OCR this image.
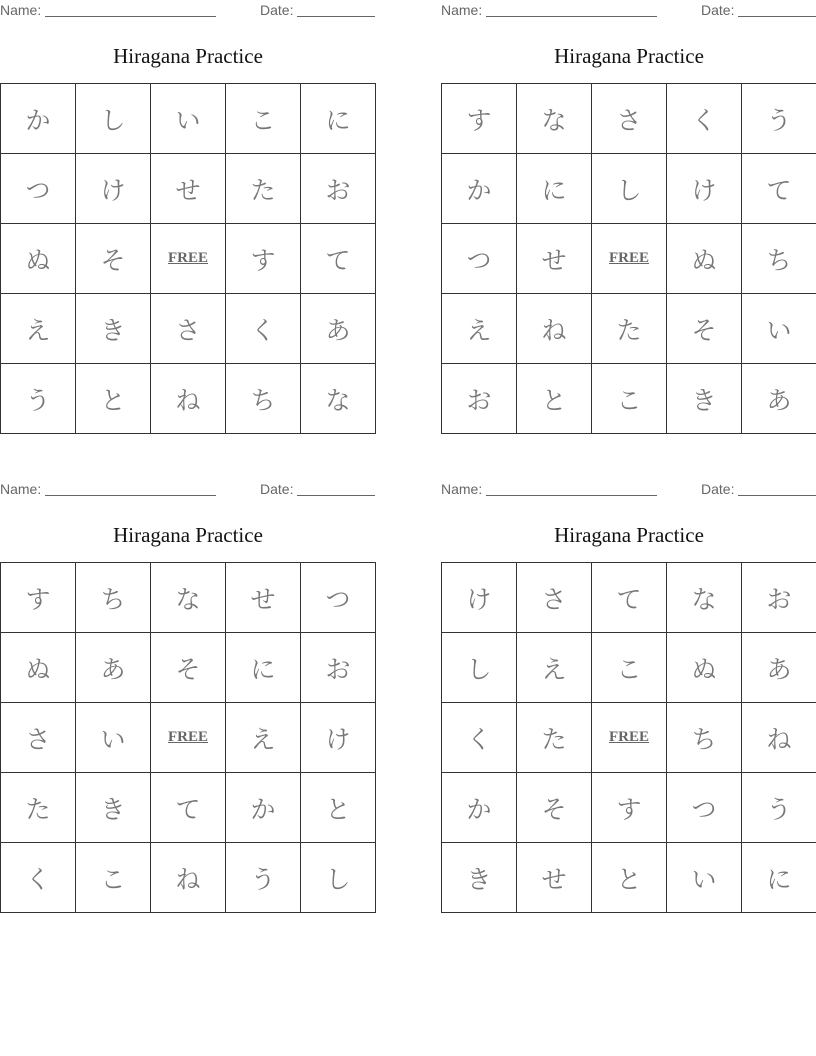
Name:	Date:
Hiragana Practice
か	し	い	こ	に
つ	け	せ	た	お
ぬ	そ	FREE	す	て
え	き	さ	く	あ
う	と	ね	ち	な
Name:	Date:
Hiragana Practice
す	な	さ	く	う
か	に	し	け	て
つ	せ	FREE	ぬ	ち
え	ね	た	そ	い
お	と	こ	き	あ
Name:	Date:
Hiragana Practice
す	ち	な	せ	つ
ぬ	あ	そ	に	お
さ	い	FREE	え	け
た	き	て	か	と
く	こ	ね	う	し
Name:	Date:
Hiragana Practice
け	さ	て	な	お
し	え	こ	ぬ	あ
く	た	FREE	ち	ね
か	そ	す	つ	う
き	せ	と	い	に
